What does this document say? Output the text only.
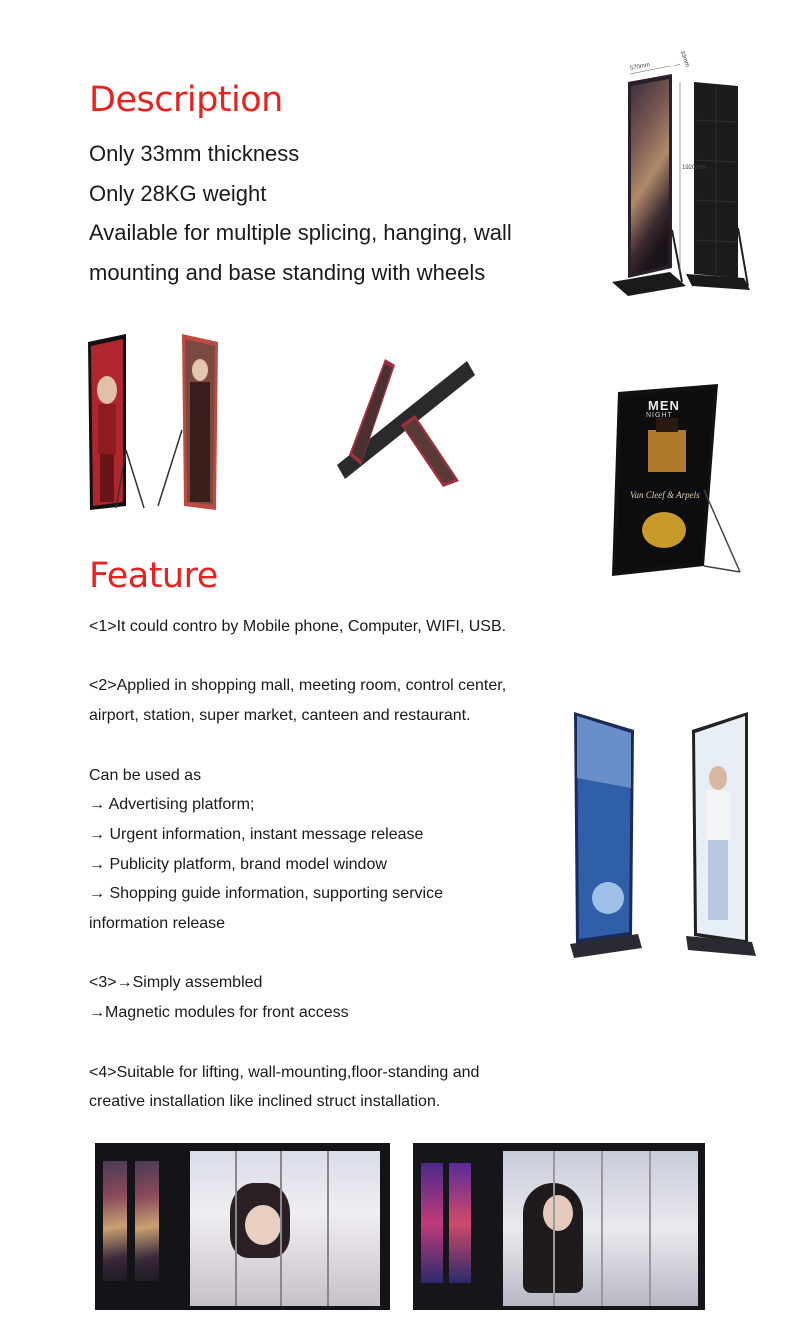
Description
Only 33mm thickness
Only 28KG weight
Available for multiple splicing, hanging, wall
mounting and base standing with wheels
570mm	33mm
1920mm
MEN
NIGHT
Van Cleef & Arpels
Feature
<1>It could contro by Mobile phone, Computer, WIFI, USB.

<2>Applied in shopping mall, meeting room, control center,
airport, station, super market, canteen and restaurant.

Can be used as
→ Advertising platform;
→ Urgent information, instant message release
→ Publicity platform, brand model window
→ Shopping guide information, supporting service
information release

<3>→Simply assembled
→Magnetic modules for front access

<4>Suitable for lifting, wall-mounting,floor-standing and
creative installation like inclined struct installation.
